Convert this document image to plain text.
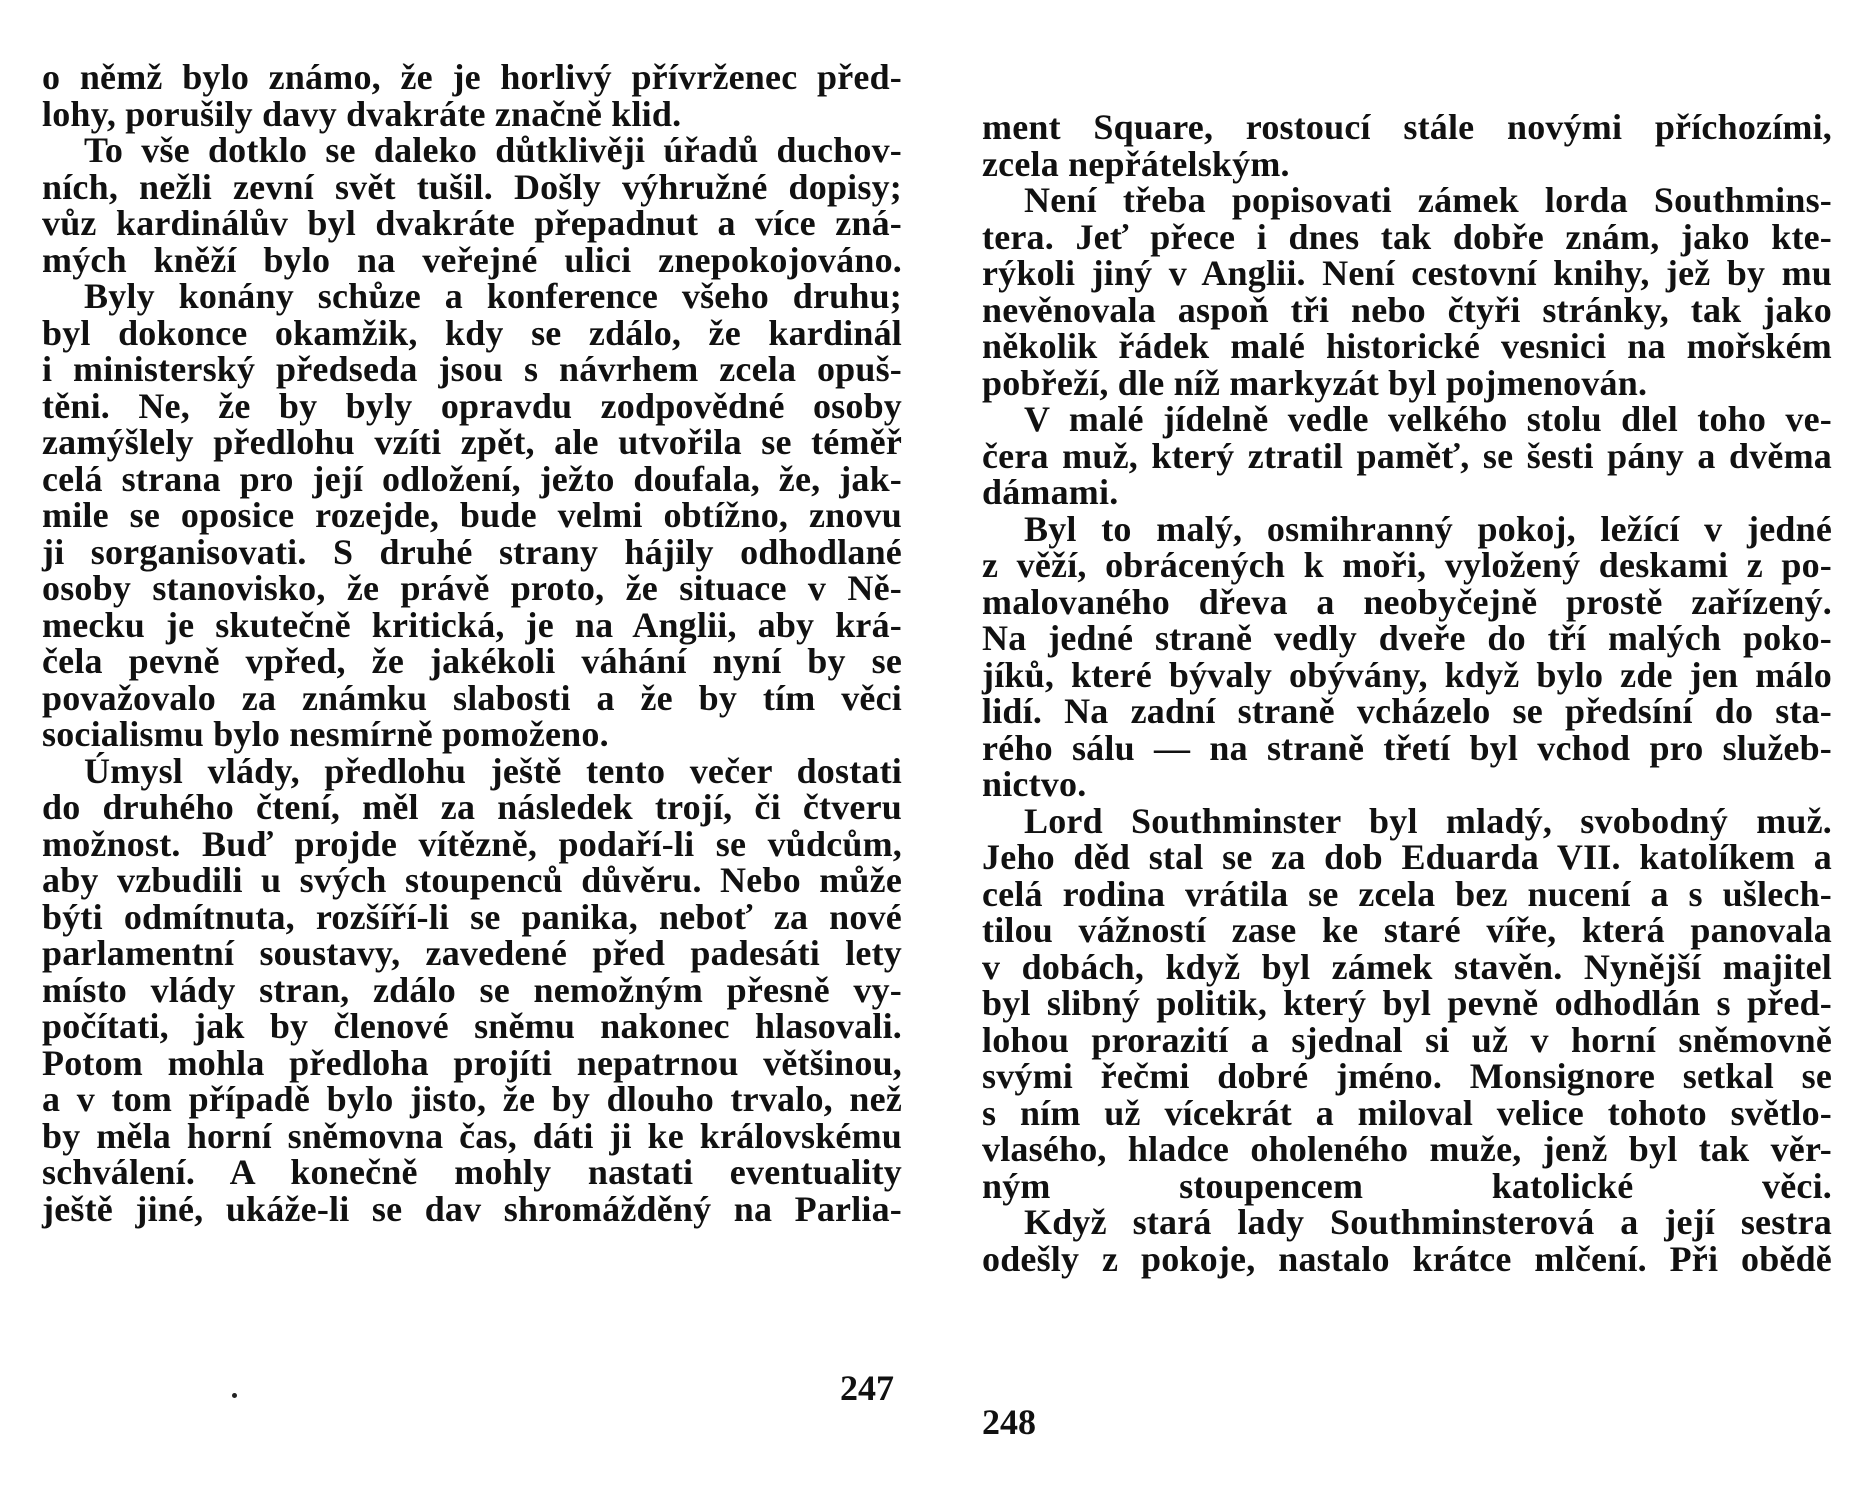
o němž bylo známo, že je horlivý přívrženec před-
lohy, porušily davy dvakráte značně klid.
To vše dotklo se daleko důtklivěji úřadů duchov-
ních, nežli zevní svět tušil. Došly výhružné dopisy;
vůz kardinálův byl dvakráte přepadnut a více zná-
mých kněží bylo na veřejné ulici znepokojováno.
Byly konány schůze a konference všeho druhu;
byl dokonce okamžik, kdy se zdálo, že kardinál
i ministerský předseda jsou s návrhem zcela opuš-
těni. Ne, že by byly opravdu zodpovědné osoby
zamýšlely předlohu vzíti zpět, ale utvořila se téměř
celá strana pro její odložení, ježto doufala, že, jak-
mile se oposice rozejde, bude velmi obtížno, znovu
ji sorganisovati. S druhé strany hájily odhodlané
osoby stanovisko, že právě proto, že situace v Ně-
mecku je skutečně kritická, je na Anglii, aby krá-
čela pevně vpřed, že jakékoli váhání nyní by se
považovalo za známku slabosti a že by tím věci
socialismu bylo nesmírně pomoženo.
Úmysl vlády, předlohu ještě tento večer dostati
do druhého čtení, měl za následek trojí, či čtveru
možnost. Buď projde vítězně, podaří-li se vůdcům,
aby vzbudili u svých stoupenců důvěru. Nebo může
býti odmítnuta, rozšíří-li se panika, neboť za nové
parlamentní soustavy, zavedené před padesáti lety
místo vlády stran, zdálo se nemožným přesně vy-
počítati, jak by členové sněmu nakonec hlasovali.
Potom mohla předloha projíti nepatrnou většinou,
a v tom případě bylo jisto, že by dlouho trvalo, než
by měla horní sněmovna čas, dáti ji ke královskému
schválení. A konečně mohly nastati eventuality
ještě jiné, ukáže-li se dav shromážděný na Parlia-
247
ment Square, rostoucí stále novými příchozími,
zcela nepřátelským.
Není třeba popisovati zámek lorda Southmins-
tera. Jeť přece i dnes tak dobře znám, jako kte-
rýkoli jiný v Anglii. Není cestovní knihy, jež by mu
nevěnovala aspoň tři nebo čtyři stránky, tak jako
několik řádek malé historické vesnici na mořském
pobřeží, dle níž markyzát byl pojmenován.
V malé jídelně vedle velkého stolu dlel toho ve-
čera muž, který ztratil paměť, se šesti pány a dvěma
dámami.
Byl to malý, osmihranný pokoj, ležící v jedné
z věží, obrácených k moři, vyložený deskami z po-
malovaného dřeva a neobyčejně prostě zařízený.
Na jedné straně vedly dveře do tří malých poko-
jíků, které bývaly obývány, když bylo zde jen málo
lidí. Na zadní straně vcházelo se předsíní do sta-
rého sálu — na straně třetí byl vchod pro služeb-
nictvo.
Lord Southminster byl mladý, svobodný muž.
Jeho děd stal se za dob Eduarda VII. katolíkem a
celá rodina vrátila se zcela bez nucení a s ušlech-
tilou vážností zase ke staré víře, která panovala
v dobách, když byl zámek stavěn. Nynější majitel
byl slibný politik, který byl pevně odhodlán s před-
lohou prorazití a sjednal si už v horní sněmovně
svými řečmi dobré jméno. Monsignore setkal se
s ním už vícekrát a miloval velice tohoto světlo-
vlasého, hladce oholeného muže, jenž byl tak věr-
ným stoupencem katolické věci.
Když stará lady Southminsterová a její sestra
odešly z pokoje, nastalo krátce mlčení. Při obědě
248
